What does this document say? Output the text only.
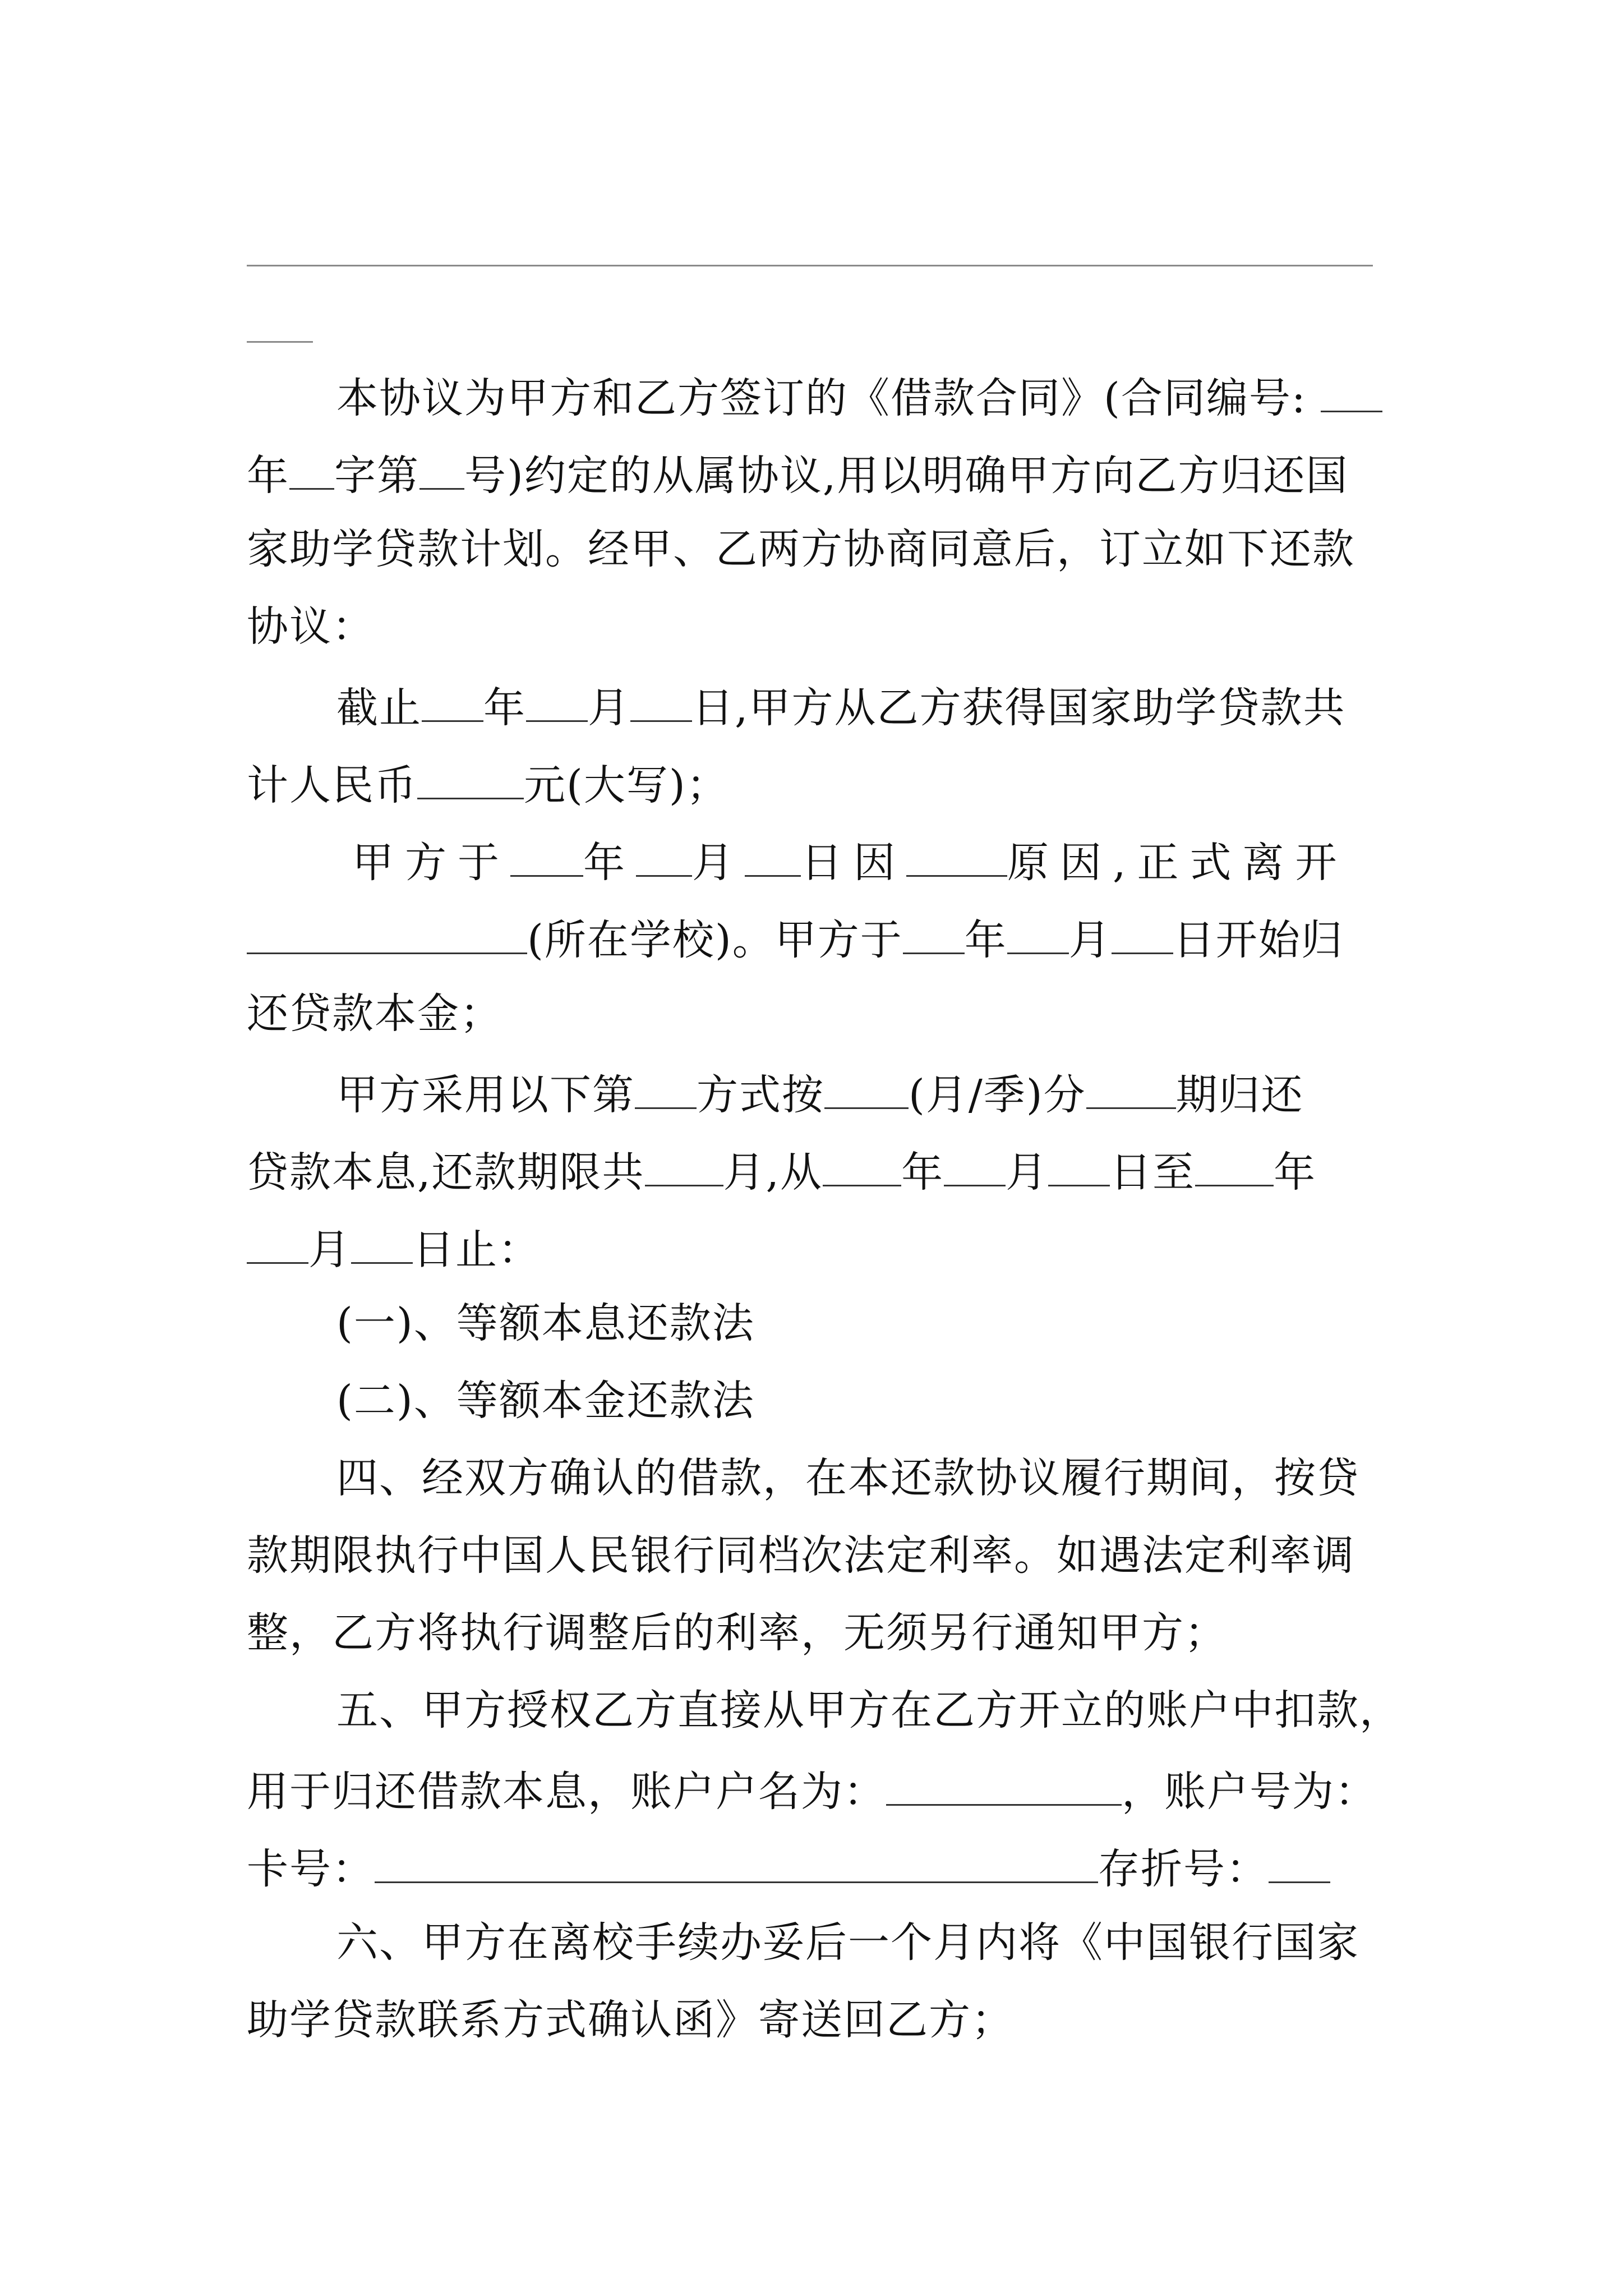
本协议为甲方和乙方签订的《借款合同》(合同编号:
年 字第 号)约定的从属协议,用以明确甲方向乙方归还国
家助学贷款计划。经甲、乙两方协商同意后，订立如下还款
协议：
截止 年 月 日,甲方从乙方获得国家助学贷款共
计人民币	元(大写)；
甲方于 年 月 日因 原因,正式离开
(所在学校)。甲方于 年 月 日开始归
还贷款本金；
甲方采用以下第 方式按 (月/季)分 期归还
贷款本息,还款期限共 月,从 年 月 日至 年
月 日止：
(一)、等额本息还款法
(二)、等额本金还款法
四、经双方确认的借款，在本还款协议履行期间，按贷
款期限执行中国人民银行同档次法定利率。如遇法定利率调
整，乙方将执行调整后的利率，无须另行通知甲方；
五、甲方授权乙方直接从甲方在乙方开立的账户中扣款，
用于归还借款本息，账户户名为：	，账户号为：
卡号：	存折号：
六、甲方在离校手续办妥后一个月内将《中国银行国家
助学贷款联系方式确认函》寄送回乙方；
